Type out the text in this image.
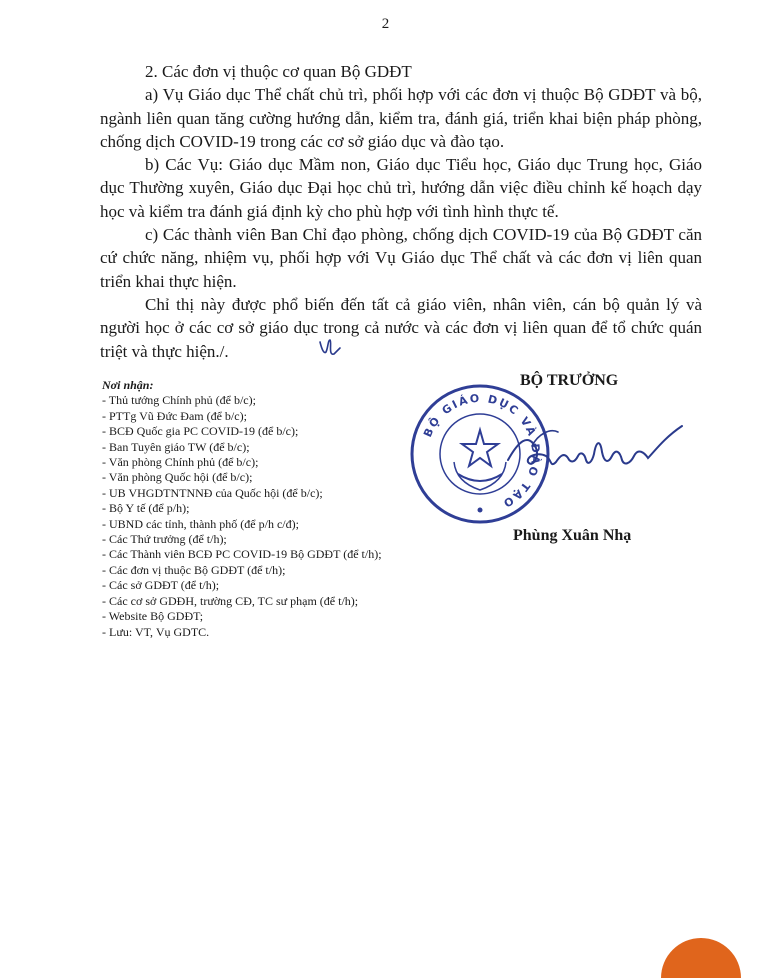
2

2. Các đơn vị thuộc cơ quan Bộ GDĐT

a) Vụ Giáo dục Thể chất chủ trì, phối hợp với các đơn vị thuộc Bộ GDĐT và bộ, ngành liên quan tăng cường hướng dẫn, kiểm tra, đánh giá, triển khai biện pháp phòng, chống dịch COVID-19 trong các cơ sở giáo dục và đào tạo.

b) Các Vụ: Giáo dục Mầm non, Giáo dục Tiểu học, Giáo dục Trung học, Giáo dục Thường xuyên, Giáo dục Đại học chủ trì, hướng dẫn việc điều chỉnh kế hoạch dạy học và kiểm tra đánh giá định kỳ cho phù hợp với tình hình thực tế.

c) Các thành viên Ban Chỉ đạo phòng, chống dịch COVID-19 của Bộ GDĐT căn cứ chức năng, nhiệm vụ, phối hợp với Vụ Giáo dục Thể chất và các đơn vị liên quan triển khai thực hiện.

Chỉ thị này được phổ biến đến tất cả giáo viên, nhân viên, cán bộ quản lý và người học ở các cơ sở giáo dục trong cả nước và các đơn vị liên quan để tổ chức quán triệt và thực hiện./.

Nơi nhận:
- Thủ tướng Chính phủ (để b/c);
- PTTg Vũ Đức Đam (để b/c);
- BCĐ Quốc gia PC COVID-19 (để b/c);
- Ban Tuyên giáo TW (để b/c);
- Văn phòng Chính phủ (để b/c);
- Văn phòng Quốc hội (để b/c);
- UB VHGDTNTNNĐ của Quốc hội (để b/c);
- Bộ Y tế (để p/h);
- UBND các tỉnh, thành phố (để p/h c/đ);
- Các Thứ trưởng (để t/h);
- Các Thành viên BCĐ PC COVID-19 Bộ GDĐT (để t/h);
- Các đơn vị thuộc Bộ GDĐT (để t/h);
- Các sở GDĐT (để t/h);
- Các cơ sở GDĐH, trường CĐ, TC sư phạm (để t/h);
- Website Bộ GDĐT;
- Lưu: VT, Vụ GDTC.
BỘ TRƯỞNG
BỘ GIÁO DỤC VÀ ĐÀO TẠO
Phùng Xuân Nhạ
